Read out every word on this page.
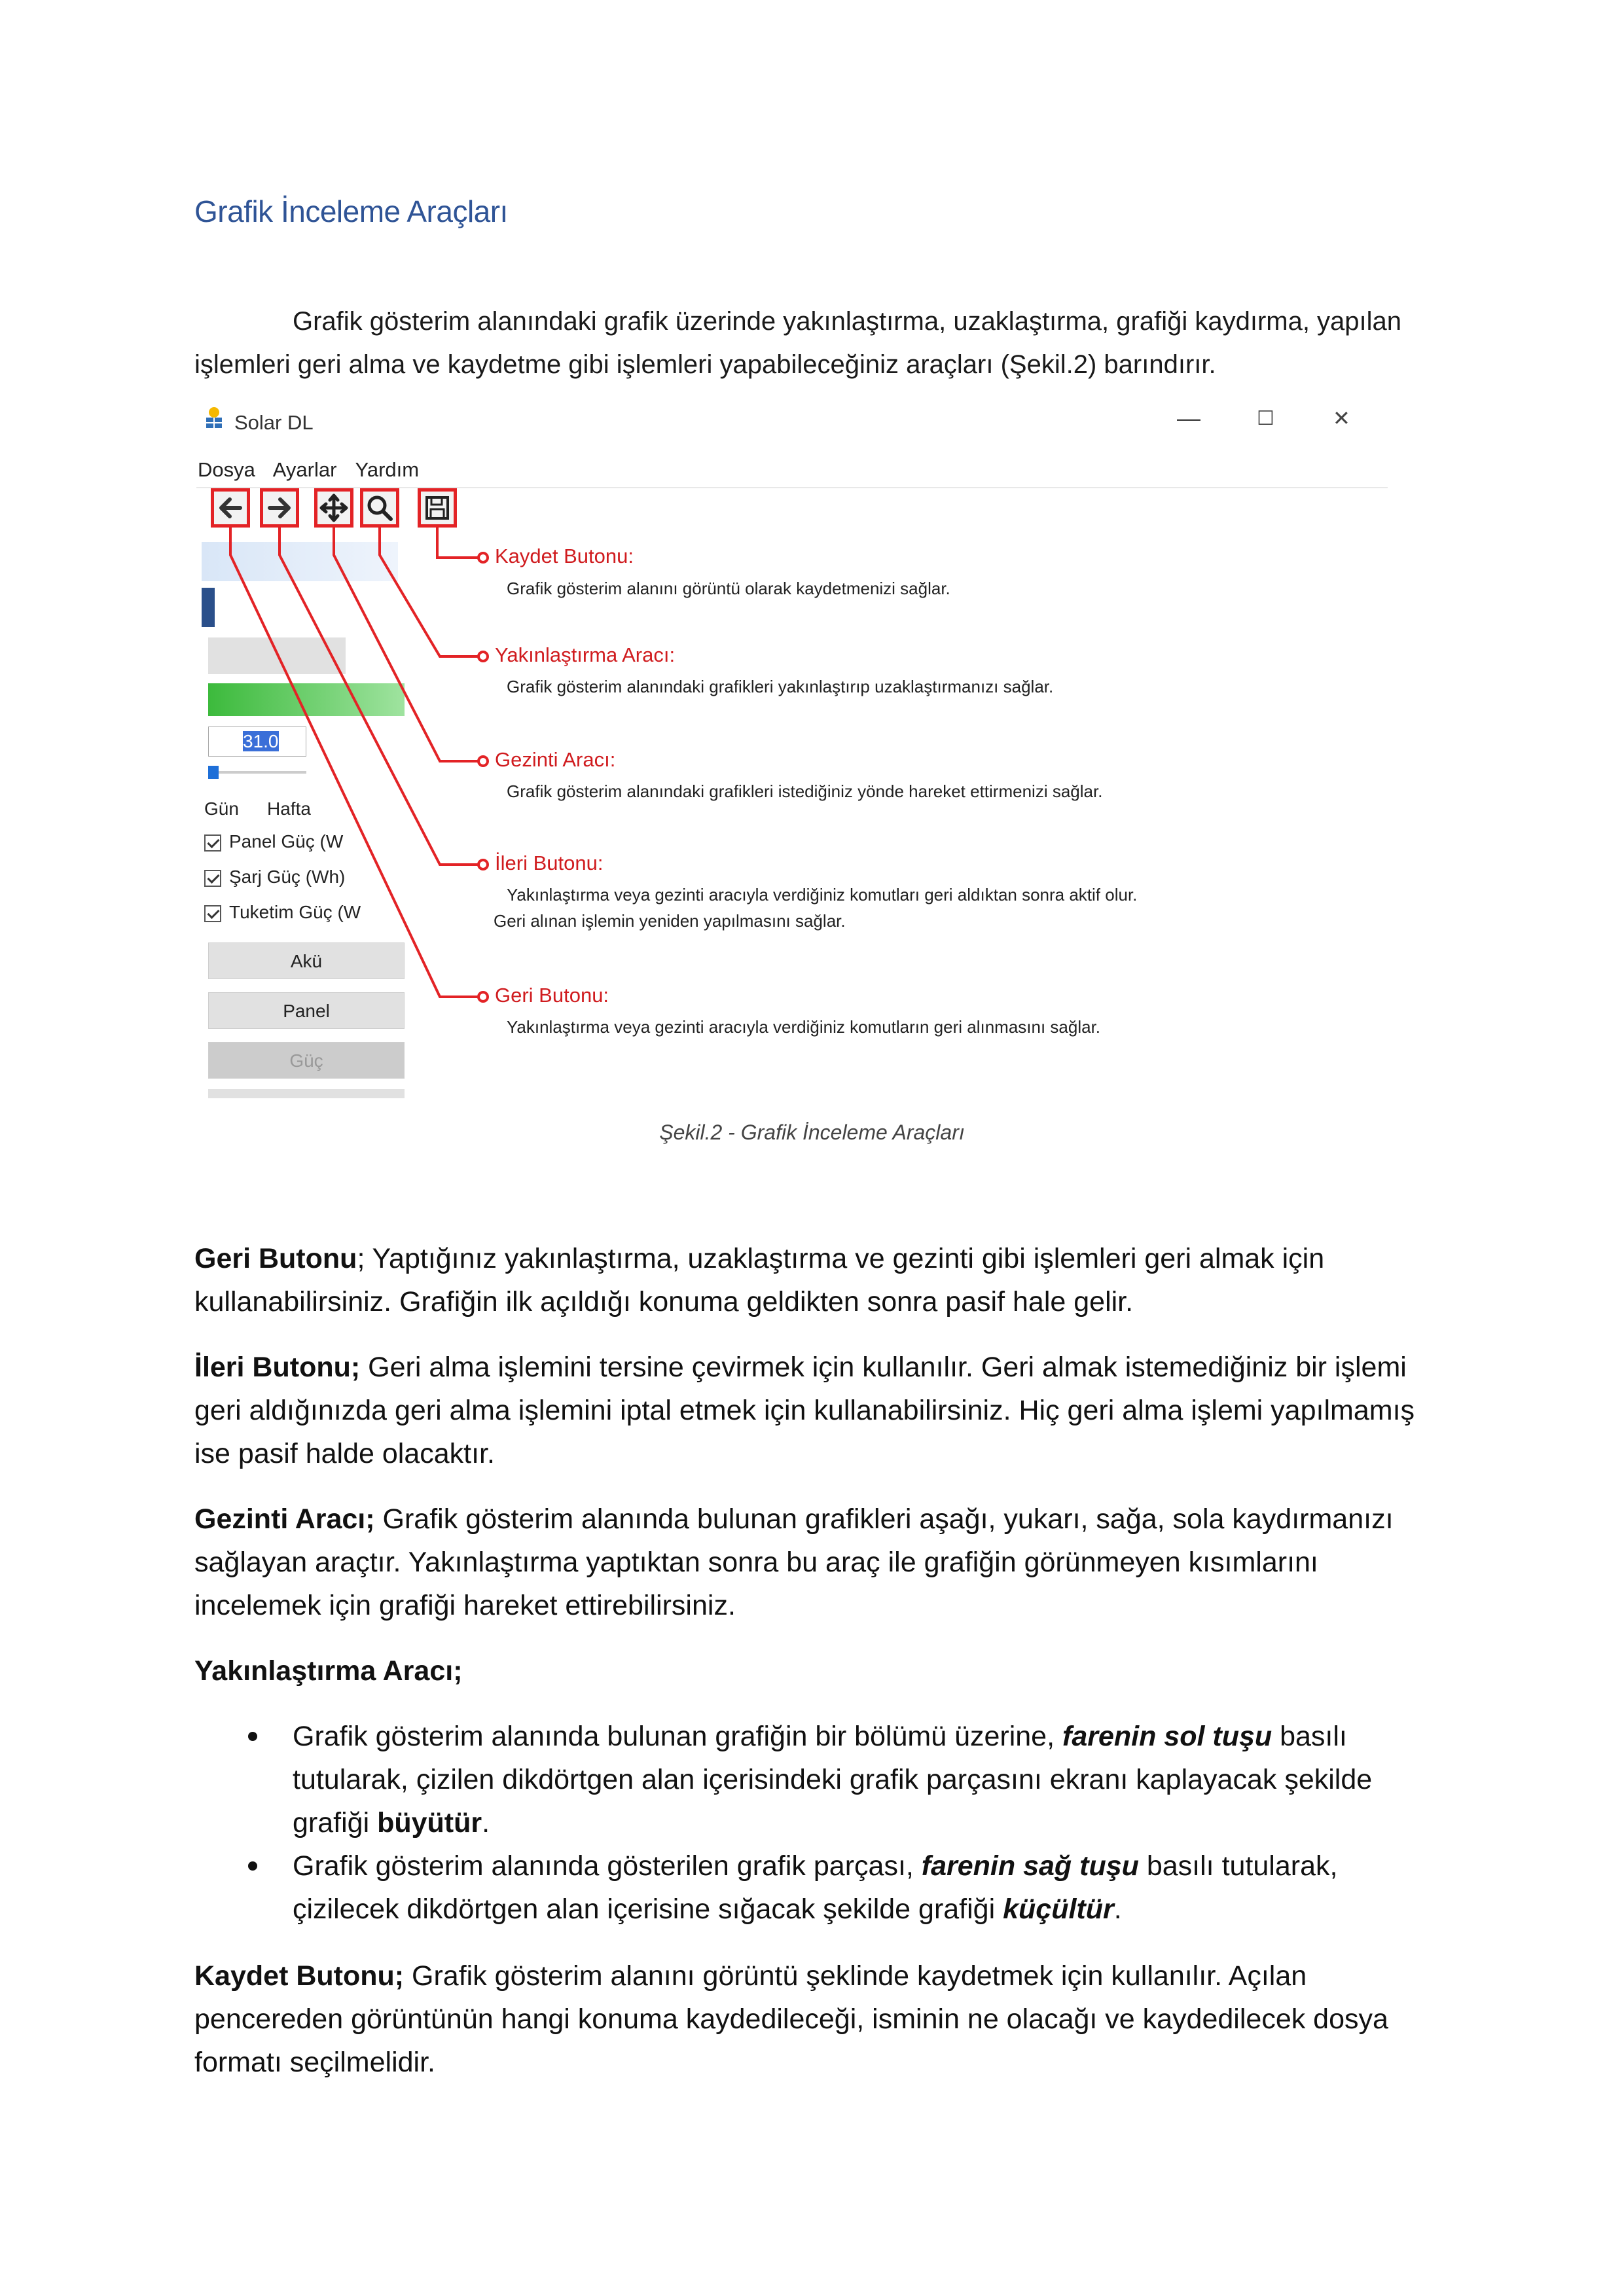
Grafik İnceleme Araçları
Grafik gösterim alanındaki grafik üzerinde yakınlaştırma, uzaklaştırma, grafiği kaydırma, yapılan işlemleri geri alma ve kaydetme gibi işlemleri yapabileceğiniz araçları (Şekil.2) barındırır.
Solar DL	—	☐	✕
Dosya Ayarlar Yardım
31.0
Gün Hafta
Panel Güç (W
Şarj Güç (Wh)
Tuketim Güç (W
Akü
Panel
Güç
Kaydet Butonu:
Grafik gösterim alanını görüntü olarak kaydetmenizi sağlar.
Yakınlaştırma Aracı:
Grafik gösterim alanındaki grafikleri yakınlaştırıp uzaklaştırmanızı sağlar.
Gezinti Aracı:
Grafik gösterim alanındaki grafikleri istediğiniz yönde hareket ettirmenizi sağlar.
İleri Butonu:
Yakınlaştırma veya gezinti aracıyla verdiğiniz komutları geri aldıktan sonra aktif olur.
Geri alınan işlemin yeniden yapılmasını sağlar.
Geri Butonu:
Yakınlaştırma veya gezinti aracıyla verdiğiniz komutların geri alınmasını sağlar.
Şekil.2 - Grafik İnceleme Araçları
Geri Butonu; Yaptığınız yakınlaştırma, uzaklaştırma ve gezinti gibi işlemleri geri almak için kullanabilirsiniz. Grafiğin ilk açıldığı konuma geldikten sonra pasif hale gelir.
İleri Butonu; Geri alma işlemini tersine çevirmek için kullanılır. Geri almak istemediğiniz bir işlemi geri aldığınızda geri alma işlemini iptal etmek için kullanabilirsiniz. Hiç geri alma işlemi yapılmamış ise pasif halde olacaktır.
Gezinti Aracı; Grafik gösterim alanında bulunan grafikleri aşağı, yukarı, sağa, sola kaydırmanızı sağlayan araçtır. Yakınlaştırma yaptıktan sonra bu araç ile grafiğin görünmeyen kısımlarını incelemek için grafiği hareket ettirebilirsiniz.
Yakınlaştırma Aracı;
Grafik gösterim alanında bulunan grafiğin bir bölümü üzerine, farenin sol tuşu basılı tutularak, çizilen dikdörtgen alan içerisindeki grafik parçasını ekranı kaplayacak şekilde grafiği büyütür.
Grafik gösterim alanında gösterilen grafik parçası, farenin sağ tuşu basılı tutularak, çizilecek dikdörtgen alan içerisine sığacak şekilde grafiği küçültür.
Kaydet Butonu; Grafik gösterim alanını görüntü şeklinde kaydetmek için kullanılır. Açılan pencereden görüntünün hangi konuma kaydedileceği, isminin ne olacağı ve kaydedilecek dosya formatı seçilmelidir.
